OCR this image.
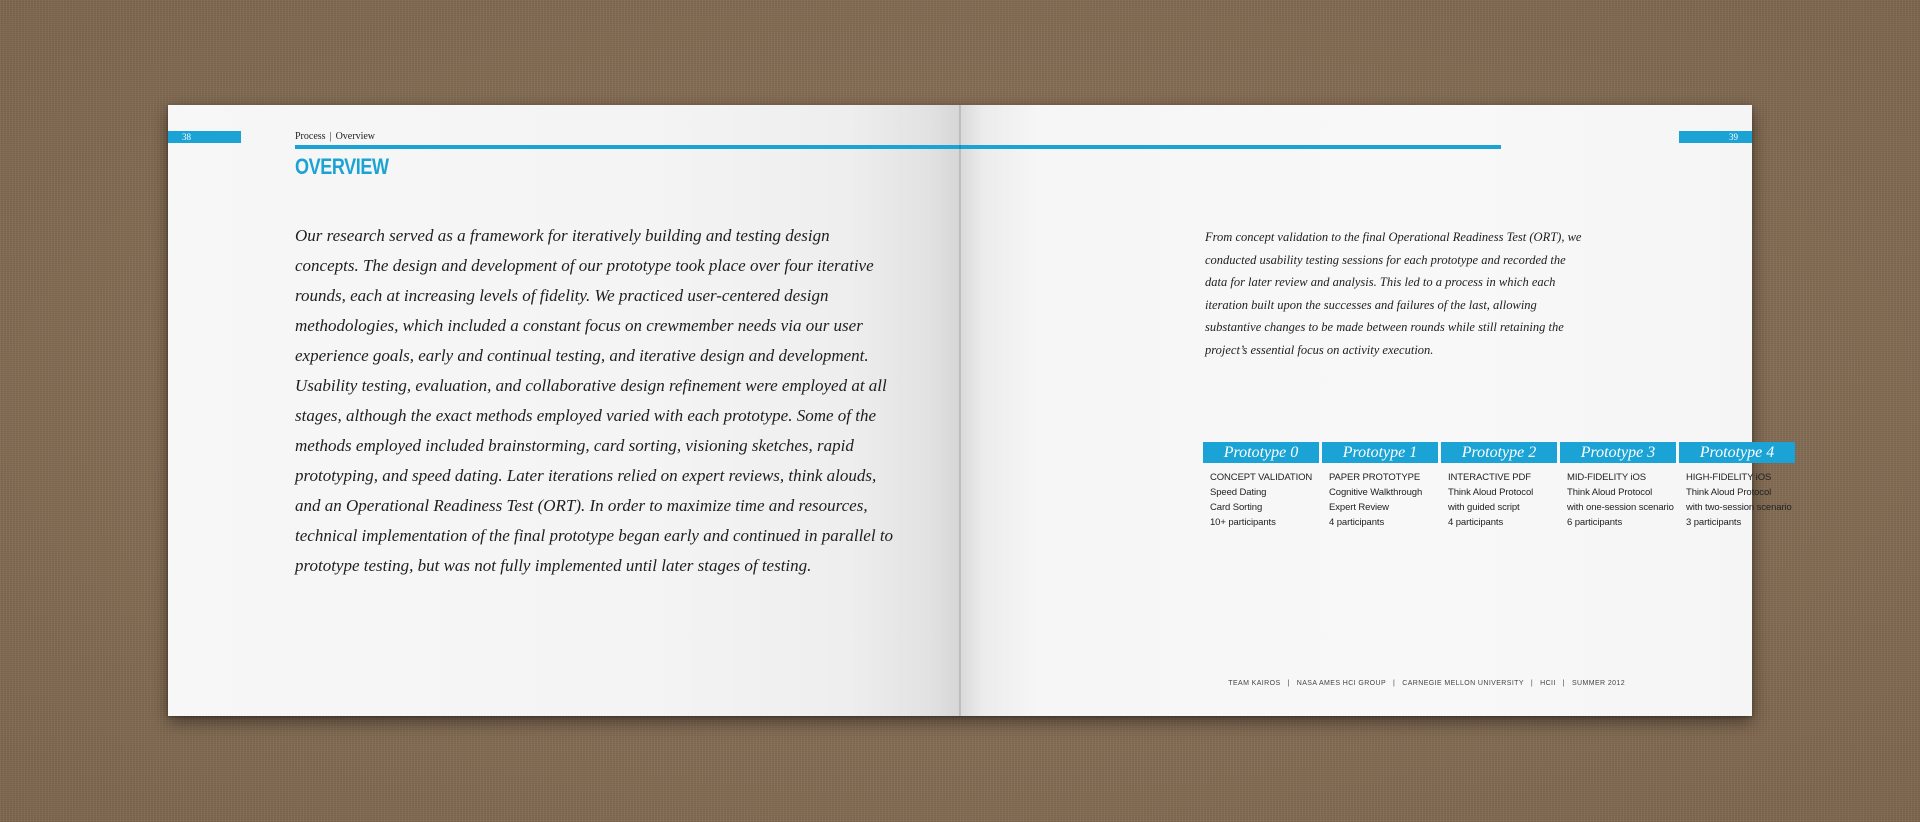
38	Process | Overview
OVERVIEW

Our research served as a framework for iteratively building and testing design concepts. The design and development of our prototype took place over four iterative rounds, each at increasing levels of fidelity. We practiced user-centered design methodologies, which included a constant focus on crewmember needs via our user experience goals, early and continual testing, and iterative design and development. Usability testing, evaluation, and collaborative design refinement were employed at all stages, although the exact methods employed varied with each prototype. Some of the methods employed included brainstorming, card sorting, visioning sketches, rapid prototyping, and speed dating. Later iterations relied on expert reviews, think alouds, and an Operational Readiness Test (ORT). In order to maximize time and resources, technical implementation of the final prototype began early and continued in parallel to prototype testing, but was not fully implemented until later stages of testing.

39

From concept validation to the final Operational Readiness Test (ORT), we conducted usability testing sessions for each prototype and recorded the data for later review and analysis. This led to a process in which each iteration built upon the successes and failures of the last, allowing substantive changes to be made between rounds while still retaining the project’s essential focus on activity execution.

Prototype 0
CONCEPT VALIDATION
Speed Dating
Card Sorting
10+ participants
Prototype 1
PAPER PROTOTYPE
Cognitive Walkthrough
Expert Review
4 participants
Prototype 2
INTERACTIVE PDF
Think Aloud Protocol
with guided script
4 participants
Prototype 3
MID-FIDELITY iOS
Think Aloud Protocol
with one-session scenario
6 participants
Prototype 4
HIGH-FIDELITY iOS
Think Aloud Protocol
with two-session scenario
3 participants
TEAM KAIROS | NASA AMES HCI GROUP | CARNEGIE MELLON UNIVERSITY | HCII | SUMMER 2012
